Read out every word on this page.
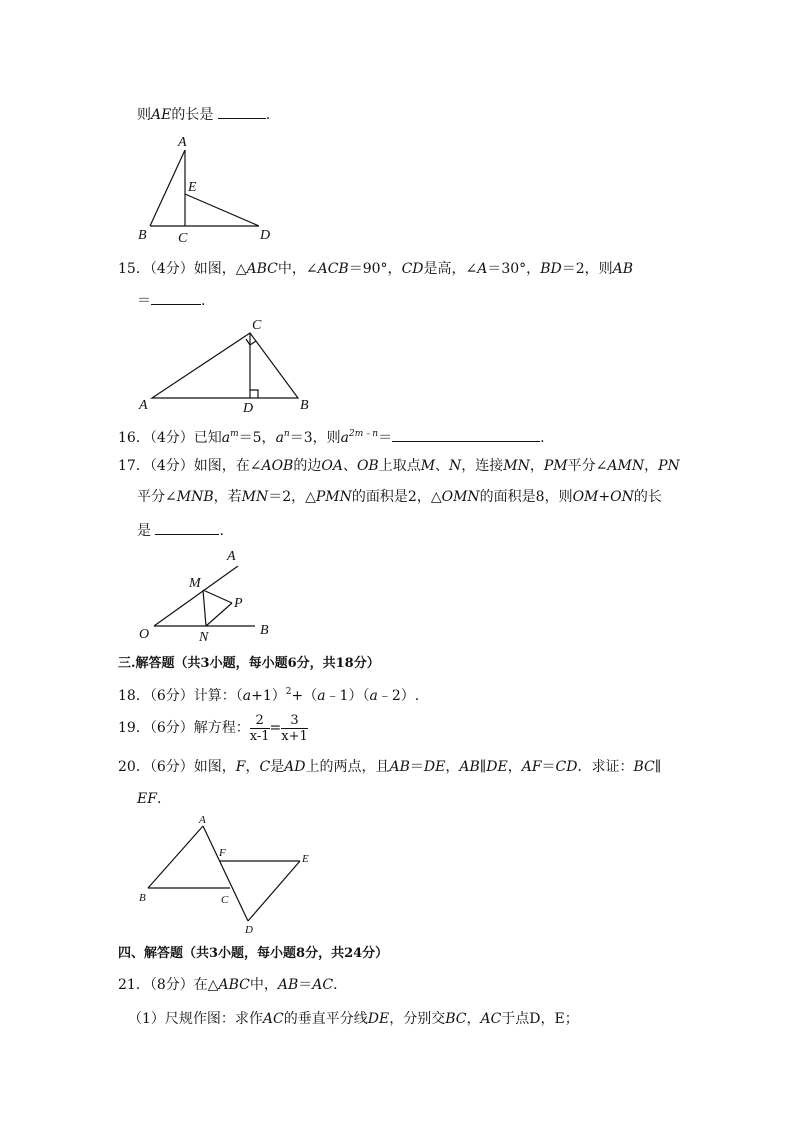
则AE的长是	.
A
E
B C	D
15．（4分）如图，△ABC中，∠ACB＝90°，CD是高，∠A＝30°，BD＝2，则AB
＝	.
C
A	D	B
16．（4分）已知$a^m=5$，$a^n=3$，则$a^{2m﹣n}=$	.
17．（4分）如图，在∠AOB的边OA、OB上取点M、N，连接MN，PM平分∠AMN，PN
平分∠MNB，若MN＝2，△PMN的面积是2，△OMN的面积是8，则OM+ON的长
是	.
A
M
P
O	N	B
三.解答题（共3小题，每小题6分，共18分）
18．（6分）计算：$(a+1)^2+(a﹣1)(a﹣2)$.
19．（6分）解方程： $\frac{2}{x-1} = \frac{3}{x+1}$
20．（6分）如图，F，C是AD上的两点，且AB＝DE，AB∥DE，AF＝CD．求证：BC∥
EF.
A
F	E
B	C
D
四、解答题（共3小题，每小题8分，共24分）
21．（8分）在△ABC中，AB＝AC.
（1）尺规作图：求作AC的垂直平分线DE，分别交BC，AC于点D，E；
